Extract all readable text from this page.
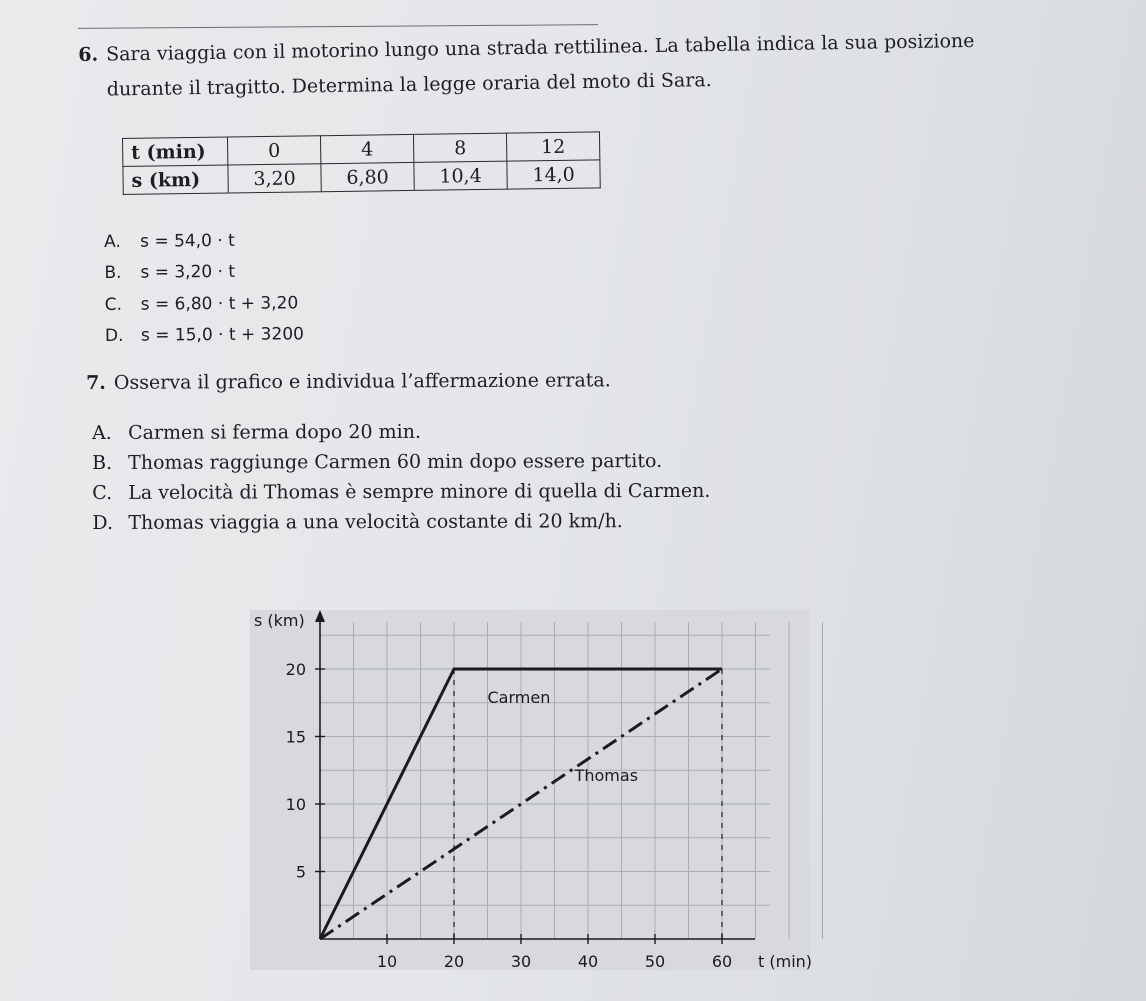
6. Sara viaggia con il motorino lungo una strada rettilinea. La tabella indica la sua posizione
durante il tragitto. Determina la legge oraria del moto di Sara.
t (min)	0	4	8	12
s (km)	3,20	6,80	10,4	14,0
A.	s = 54,0 · t
B.	s = 3,20 · t
C.	s = 6,80 · t + 3,20
D.	s = 15,0 · t + 3200
7. Osserva il grafico e individua l’affermazione errata.
A. Carmen si ferma dopo 20 min.
B. Thomas raggiunge Carmen 60 min dopo essere partito.
C. La velocità di Thomas è sempre minore di quella di Carmen.
D. Thomas viaggia a una velocità costante di 20 km/h.
10	20	30	40	50	60
5
10
15
20
s (km)
t (min)
Carmen
Thomas
